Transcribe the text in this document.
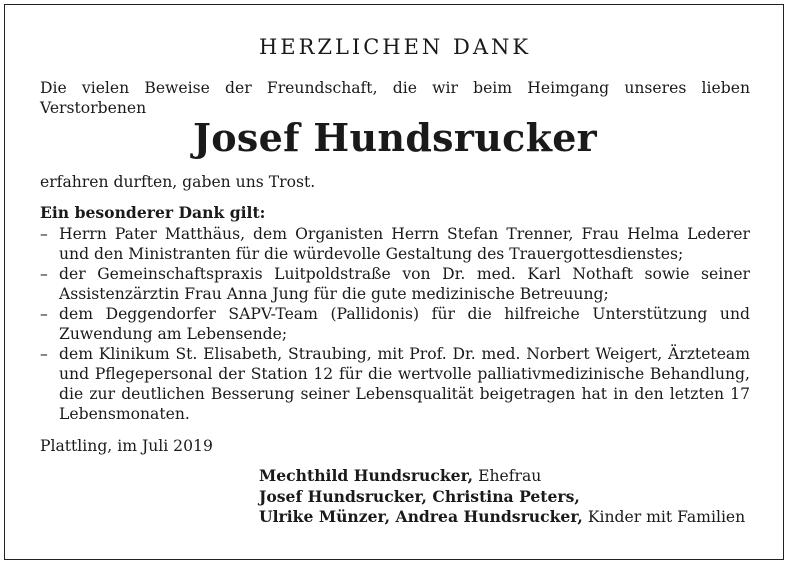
HERZLICHEN DANK
Die vielen Beweise der Freundschaft, die wir beim Heimgang unseres lieben Verstorbenen
Josef Hundsrucker
erfahren durften, gaben uns Trost.
Ein besonderer Dank gilt:
– Herrn Pater Matthäus, dem Organisten Herrn Stefan Trenner, Frau Helma Lederer und den Ministranten für die würdevolle Gestaltung des Trauergottesdienstes;
– der Gemeinschaftspraxis Luitpoldstraße von Dr. med. Karl Nothaft sowie seiner Assistenzärztin Frau Anna Jung für die gute medizinische Betreuung;
– dem Deggendorfer SAPV-Team (Pallidonis) für die hilfreiche Unterstützung und Zuwendung am Lebensende;
– dem Klinikum St. Elisabeth, Straubing, mit Prof. Dr. med. Norbert Weigert, Ärzteteam und Pflegepersonal der Station 12 für die wertvolle palliativmedizinische Behandlung, die zur deutlichen Besserung seiner Lebensqualität beigetragen hat in den letzten 17 Lebensmonaten.
Plattling, im Juli 2019
Mechthild Hundsrucker, Ehefrau
Josef Hundsrucker, Christina Peters,
Ulrike Münzer, Andrea Hundsrucker, Kinder mit Familien
